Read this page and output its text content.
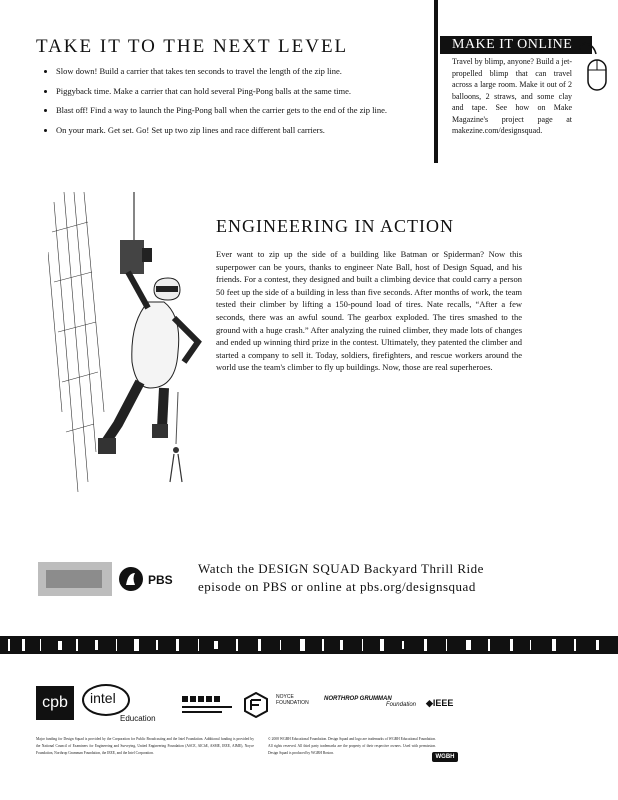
MAKE IT ONLINE
Travel by blimp, anyone? Build a jet-propelled blimp that can travel across a large room. Make it out of 2 balloons, 2 straws, and some clay and tape. See how on Make Magazine's project page at makezine.com/designsquad.
TAKE IT TO THE NEXT LEVEL
• Slow down! Build a carrier that takes ten seconds to travel the length of the zip line.
• Piggyback time. Make a carrier that can hold several Ping-Pong balls at the same time.
• Blast off! Find a way to launch the Ping-Pong ball when the carrier gets to the end of the zip line.
• On your mark. Get set. Go! Set up two zip lines and race different ball carriers.
ENGINEERING IN ACTION
Ever want to zip up the side of a building like Batman or Spiderman? Now this superpower can be yours, thanks to engineer Nate Ball, host of Design Squad, and his friends. For a contest, they designed and built a climbing device that could carry a person 50 feet up the side of a building in less than five seconds. After months of work, the team tested their climber by lifting a 150-pound load of tires. Nate recalls, “After a few seconds, there was an awful sound. The gearbox exploded. The tires smashed to the ground with a huge crash.” After analyzing the ruined climber, they made lots of changes and ended up winning third prize in the contest. Ultimately, they patented the climber and started a company to sell it. Today, soldiers, firefighters, and rescue workers around the world use the team's climber to fly up buildings. Now, those are real superheroes.
PBS
Watch the DESIGN SQUAD Backyard Thrill Ride episode on PBS or online at pbs.org/designsquad
cpb	intel
Education
NOYCE FOUNDATION
NORTHROP GRUMMAN
Foundation ◆IEEE
Major funding for Design Squad is provided by the Corporation for Public Broadcasting and the Intel Foundation. Additional funding is provided by the National Council of Examiners for Engineering and Surveying, United Engineering Foundation (ASCE, AIChE, ASME, IEEE, AIME), Noyce Foundation, Northrop Grumman Foundation, the IEEE, and the Intel Corporation.
© 2008 WGBH Educational Foundation. Design Squad and logo are trademarks of WGBH Educational Foundation. All rights reserved. All third party trademarks are the property of their respective owners. Used with permission. Design Squad is produced by WGBH Boston.
WGBH
